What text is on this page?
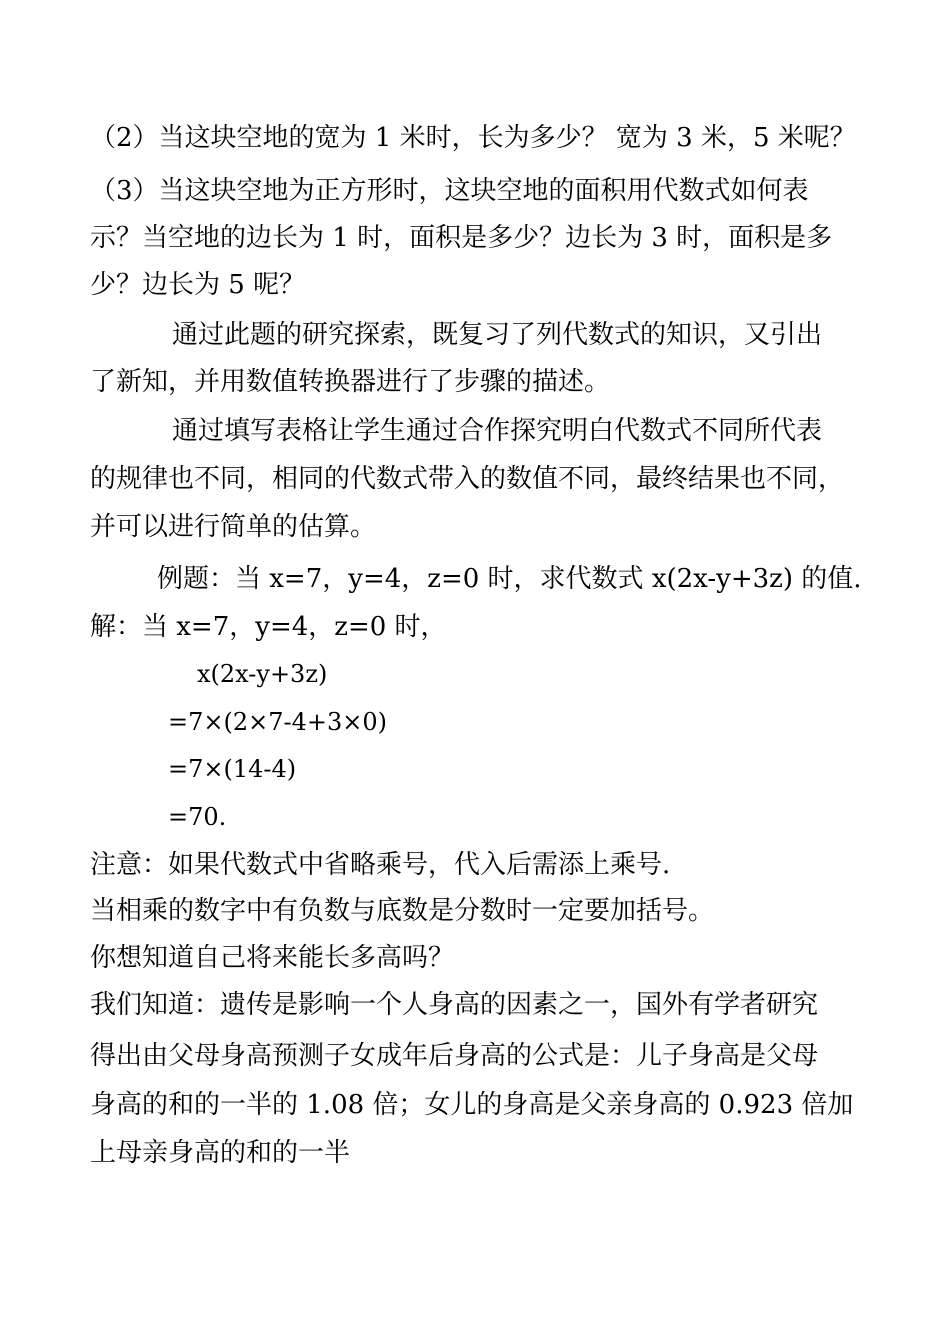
（2）当这块空地的宽为 1 米时，长为多少？ 宽为 3 米，5 米呢？
（3）当这块空地为正方形时，这块空地的面积用代数式如何表
示？当空地的边长为 1 时，面积是多少？边长为 3 时，面积是多
少？边长为 5 呢？
通过此题的研究探索，既复习了列代数式的知识，又引出
了新知，并用数值转换器进行了步骤的描述。
通过填写表格让学生通过合作探究明白代数式不同所代表
的规律也不同，相同的代数式带入的数值不同，最终结果也不同，
并可以进行简单的估算。
例题：当 x=7，y=4，z=0 时，求代数式 x(2x-y+3z) 的值.
解：当 x=7，y=4，z=0 时，
x(2x-y+3z)
=7×(2×7-4+3×0)
=7×(14-4)
=70.
注意：如果代数式中省略乘号，代入后需添上乘号.
当相乘的数字中有负数与底数是分数时一定要加括号。
你想知道自己将来能长多高吗？
我们知道：遗传是影响一个人身高的因素之一，国外有学者研究
得出由父母身高预测子女成年后身高的公式是：儿子身高是父母
身高的和的一半的 1.08 倍；女儿的身高是父亲身高的 0.923 倍加
上母亲身高的和的一半
